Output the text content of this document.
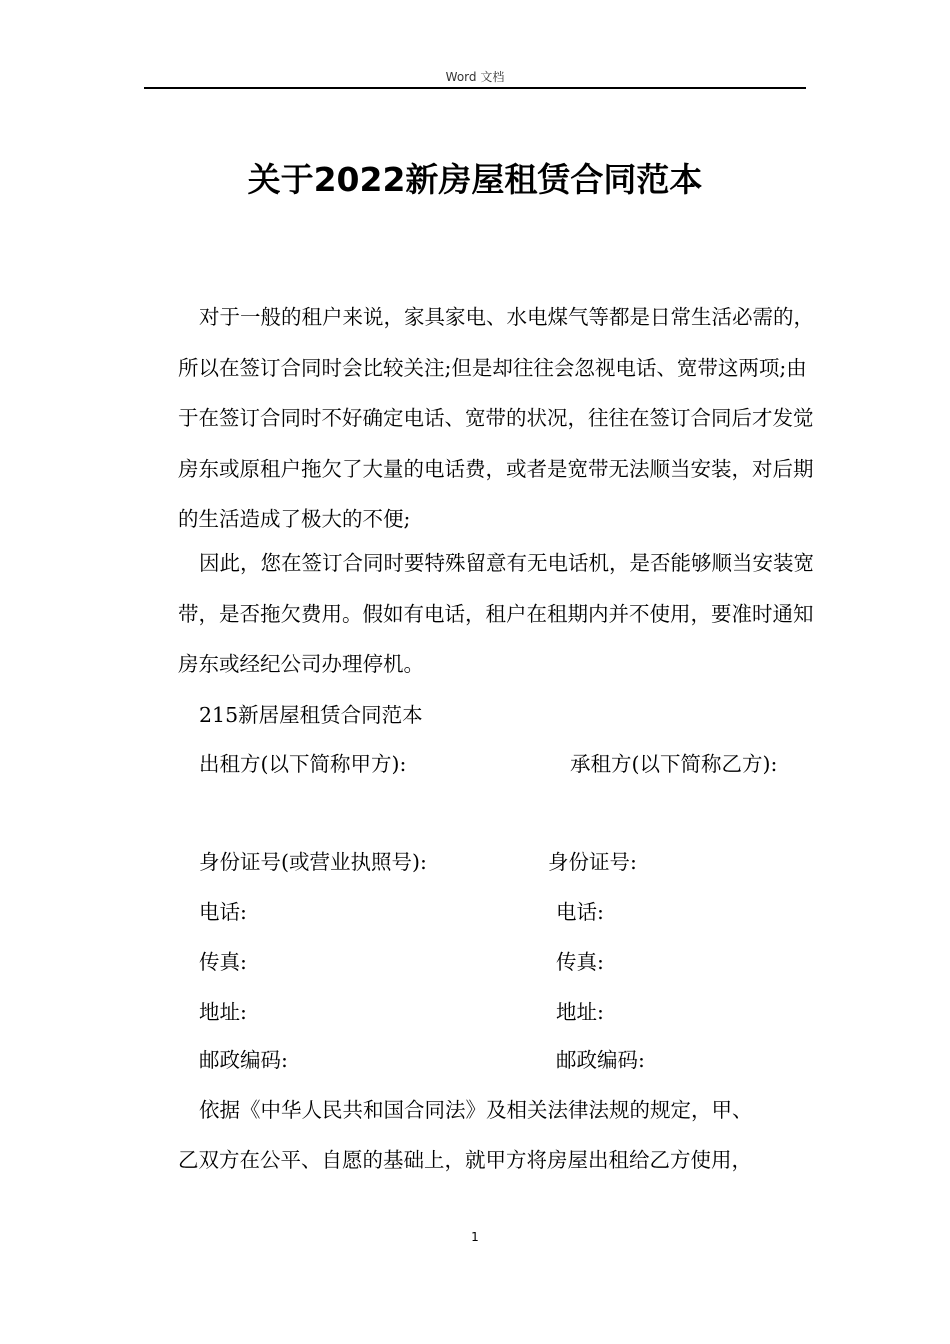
Word 文档
关于2022新房屋租赁合同范本
对于一般的租户来说，家具家电、水电煤气等都是日常生活必需的，所以在签订合同时会比较关注;但是却往往会忽视电话、宽带这两项;由于在签订合同时不好确定电话、宽带的状况，往往在签订合同后才发觉房东或原租户拖欠了大量的电话费，或者是宽带无法顺当安装，对后期的生活造成了极大的不便;
因此，您在签订合同时要特殊留意有无电话机，是否能够顺当安装宽带，是否拖欠费用。假如有电话，租户在租期内并不使用，要准时通知房东或经纪公司办理停机。
215新居屋租赁合同范本
出租方(以下简称甲方):	承租方(以下简称乙方):
身份证号(或营业执照号):	身份证号:
电话:	电话:
传真:	传真:
地址:	地址:
邮政编码:	邮政编码:
依据《中华人民共和国合同法》及相关法律法规的规定，甲、
乙双方在公平、自愿的基础上，就甲方将房屋出租给乙方使用，
1
